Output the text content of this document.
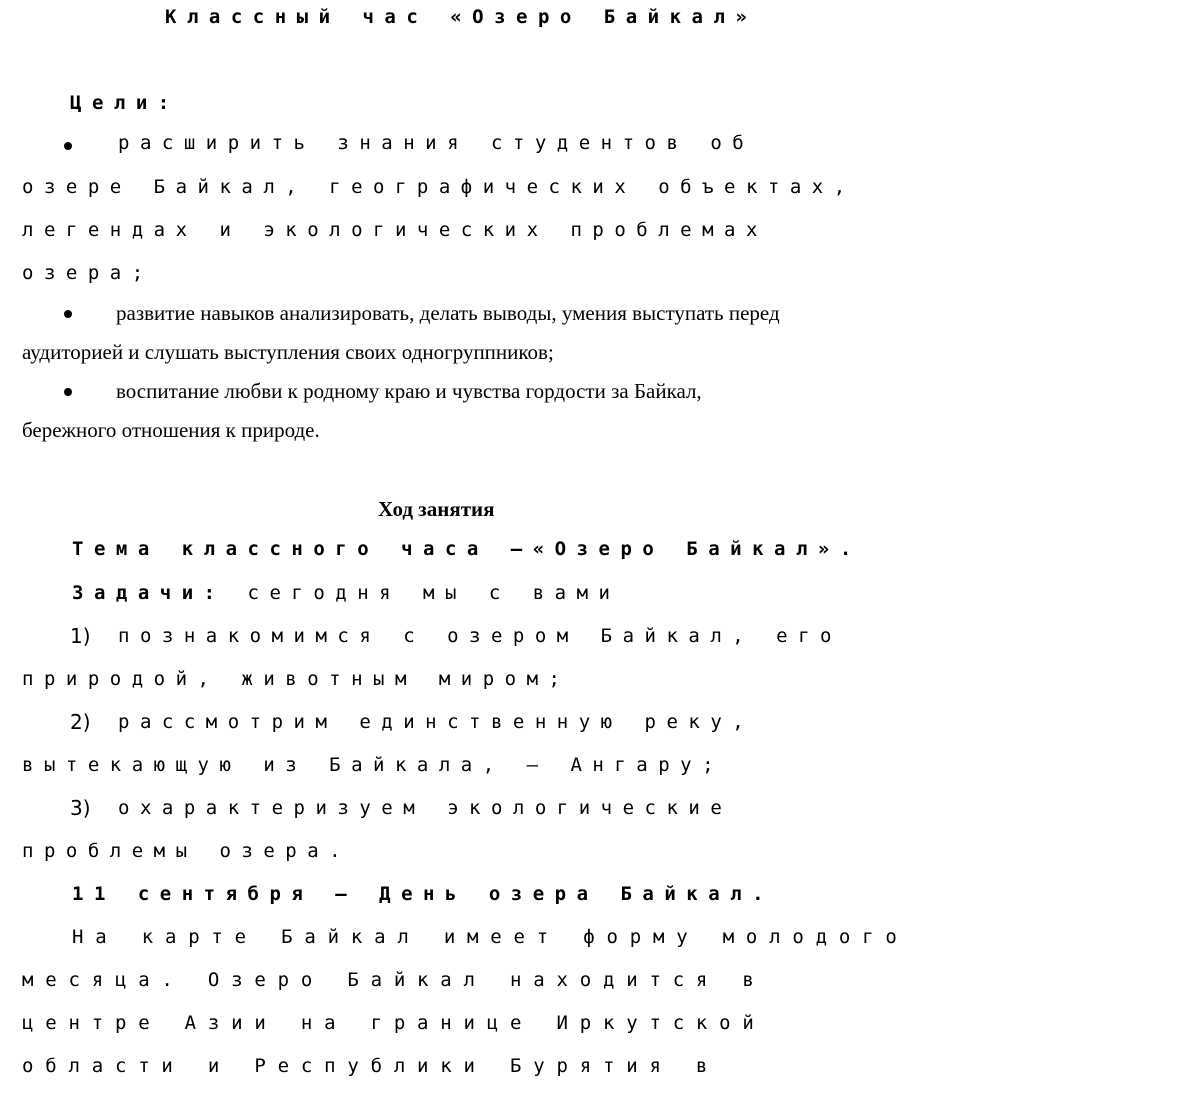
Классный час «Озеро Байкал»
Цели:
расширить знания студентов об
озере Байкал, географических объектах,
легендах и экологических проблемах
озера;
развитие навыков анализировать, делать выводы, умения выступать перед
аудиторией и слушать выступления своих одногруппников;
воспитание любви к родному краю и чувства гордости за Байкал,
бережного отношения к природе.
Ход занятия
Тема классного часа –«Озеро Байкал».
Задачи: сегодня мы с вами
1) познакомимся с озером Байкал, его
природой, животным миром;
2) рассмотрим единственную реку,
вытекающую из Байкала, – Ангару;
3) охарактеризуем экологические
проблемы озера.
11 сентября – День озера Байкал.
На карте Байкал имеет форму молодого
месяца. Озеро Байкал находится в
центре Азии на границе Иркутской
области и Республики Бурятия в
